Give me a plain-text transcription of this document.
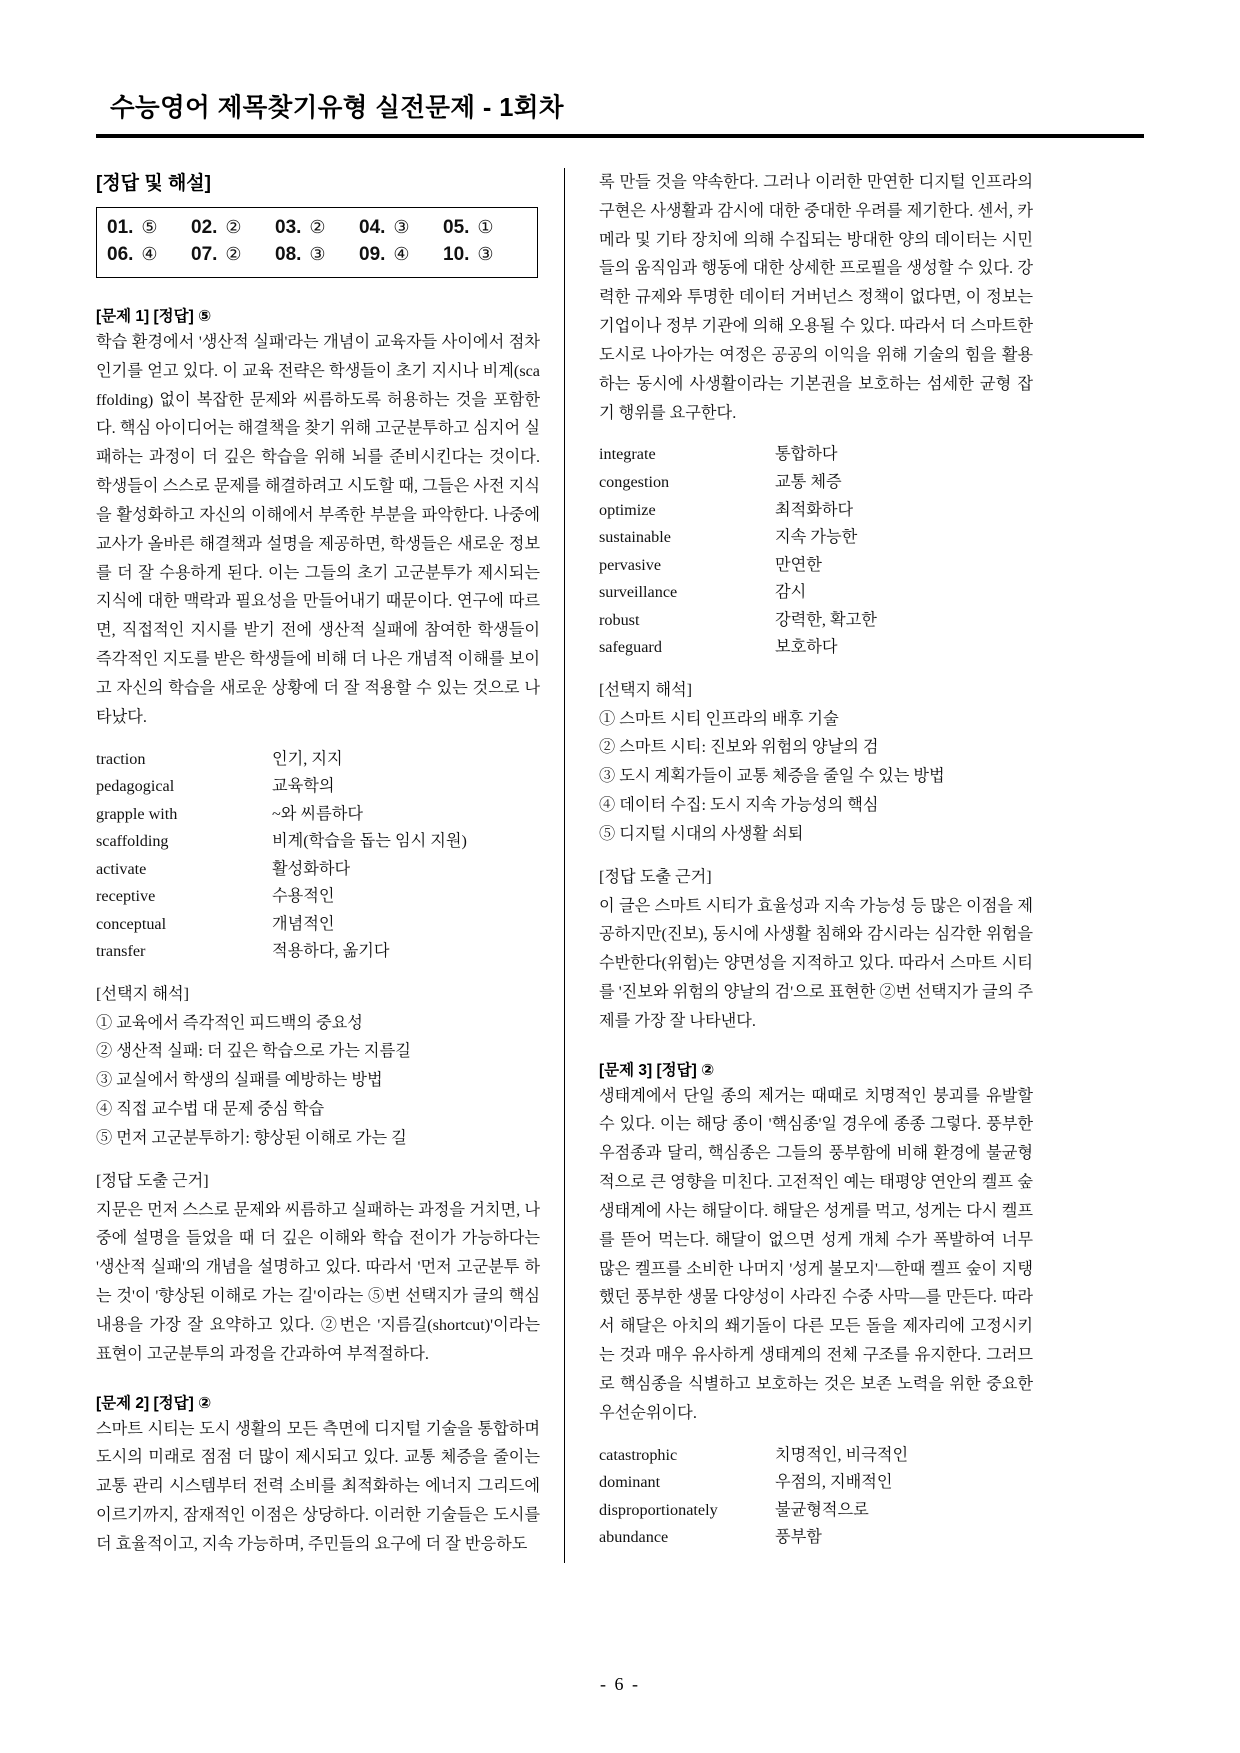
수능영어 제목찾기유형 실전문제 - 1회차
[정답 및 해설]
01. ⑤ 02. ② 03. ② 04. ③ 05. ①
06. ④ 07. ② 08. ③ 09. ④ 10. ③
[문제 1] [정답] ⑤

학습 환경에서 '생산적 실패'라는 개념이 교육자들 사이에서 점차 인기를 얻고 있다. 이 교육 전략은 학생들이 초기 지시나 비계(scaffolding) 없이 복잡한 문제와 씨름하도록 허용하는 것을 포함한다. 핵심 아이디어는 해결책을 찾기 위해 고군분투하고 심지어 실패하는 과정이 더 깊은 학습을 위해 뇌를 준비시킨다는 것이다. 학생들이 스스로 문제를 해결하려고 시도할 때, 그들은 사전 지식을 활성화하고 자신의 이해에서 부족한 부분을 파악한다. 나중에 교사가 올바른 해결책과 설명을 제공하면, 학생들은 새로운 정보를 더 잘 수용하게 된다. 이는 그들의 초기 고군분투가 제시되는 지식에 대한 맥락과 필요성을 만들어내기 때문이다. 연구에 따르면, 직접적인 지시를 받기 전에 생산적 실패에 참여한 학생들이 즉각적인 지도를 받은 학생들에 비해 더 나은 개념적 이해를 보이고 자신의 학습을 새로운 상황에 더 잘 적용할 수 있는 것으로 나타났다.

traction	인기, 지지
pedagogical	교육학의
grapple with	~와 씨름하다
scaffolding	비계(학습을 돕는 임시 지원)
activate	활성화하다
receptive	수용적인
conceptual	개념적인
transfer	적용하다, 옮기다
[선택지 해석]
① 교육에서 즉각적인 피드백의 중요성
② 생산적 실패: 더 깊은 학습으로 가는 지름길
③ 교실에서 학생의 실패를 예방하는 방법
④ 직접 교수법 대 문제 중심 학습
⑤ 먼저 고군분투하기: 향상된 이해로 가는 길
[정답 도출 근거]

지문은 먼저 스스로 문제와 씨름하고 실패하는 과정을 거치면, 나중에 설명을 들었을 때 더 깊은 이해와 학습 전이가 가능하다는 '생산적 실패'의 개념을 설명하고 있다. 따라서 '먼저 고군분투 하는 것'이 '향상된 이해로 가는 길'이라는 ⑤번 선택지가 글의 핵심 내용을 가장 잘 요약하고 있다. ②번은 '지름길(shortcut)'이라는 표현이 고군분투의 과정을 간과하여 부적절하다.

[문제 2] [정답] ②

스마트 시티는 도시 생활의 모든 측면에 디지털 기술을 통합하며 도시의 미래로 점점 더 많이 제시되고 있다. 교통 체증을 줄이는 교통 관리 시스템부터 전력 소비를 최적화하는 에너지 그리드에 이르기까지, 잠재적인 이점은 상당하다. 이러한 기술들은 도시를 더 효율적이고, 지속 가능하며, 주민들의 요구에 더 잘 반응하도

록 만들 것을 약속한다. 그러나 이러한 만연한 디지털 인프라의 구현은 사생활과 감시에 대한 중대한 우려를 제기한다. 센서, 카메라 및 기타 장치에 의해 수집되는 방대한 양의 데이터는 시민들의 움직임과 행동에 대한 상세한 프로필을 생성할 수 있다. 강력한 규제와 투명한 데이터 거버넌스 정책이 없다면, 이 정보는 기업이나 정부 기관에 의해 오용될 수 있다. 따라서 더 스마트한 도시로 나아가는 여정은 공공의 이익을 위해 기술의 힘을 활용하는 동시에 사생활이라는 기본권을 보호하는 섬세한 균형 잡기 행위를 요구한다.

integrate	통합하다
congestion	교통 체증
optimize	최적화하다
sustainable	지속 가능한
pervasive	만연한
surveillance	감시
robust	강력한, 확고한
safeguard	보호하다
[선택지 해석]
① 스마트 시티 인프라의 배후 기술
② 스마트 시티: 진보와 위험의 양날의 검
③ 도시 계획가들이 교통 체증을 줄일 수 있는 방법
④ 데이터 수집: 도시 지속 가능성의 핵심
⑤ 디지털 시대의 사생활 쇠퇴
[정답 도출 근거]

이 글은 스마트 시티가 효율성과 지속 가능성 등 많은 이점을 제공하지만(진보), 동시에 사생활 침해와 감시라는 심각한 위험을 수반한다(위험)는 양면성을 지적하고 있다. 따라서 스마트 시티를 '진보와 위험의 양날의 검'으로 표현한 ②번 선택지가 글의 주제를 가장 잘 나타낸다.

[문제 3] [정답] ②

생태계에서 단일 종의 제거는 때때로 치명적인 붕괴를 유발할 수 있다. 이는 해당 종이 '핵심종'일 경우에 종종 그렇다. 풍부한 우점종과 달리, 핵심종은 그들의 풍부함에 비해 환경에 불균형적으로 큰 영향을 미친다. 고전적인 예는 태평양 연안의 켈프 숲 생태계에 사는 해달이다. 해달은 성게를 먹고, 성게는 다시 켈프를 뜯어 먹는다. 해달이 없으면 성게 개체 수가 폭발하여 너무 많은 켈프를 소비한 나머지 '성게 불모지'—한때 켈프 숲이 지탱했던 풍부한 생물 다양성이 사라진 수중 사막—를 만든다. 따라서 해달은 아치의 쐐기돌이 다른 모든 돌을 제자리에 고정시키는 것과 매우 유사하게 생태계의 전체 구조를 유지한다. 그러므로 핵심종을 식별하고 보호하는 것은 보존 노력을 위한 중요한 우선순위이다.

catastrophic	치명적인, 비극적인
dominant	우점의, 지배적인
disproportionately	불균형적으로
abundance	풍부함
- 6 -
